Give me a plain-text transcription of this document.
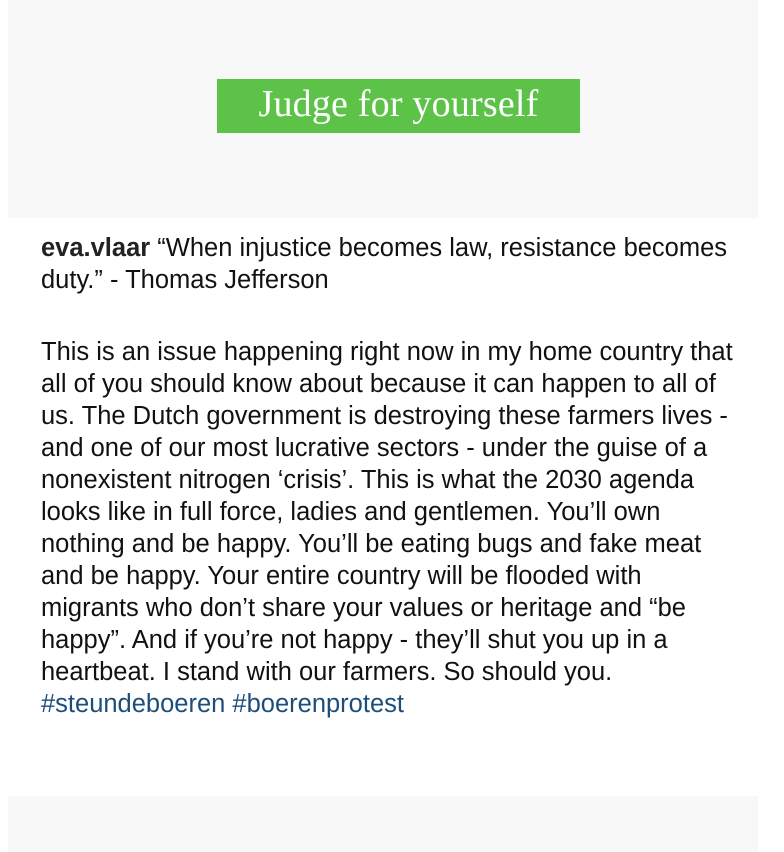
Judge for yourself

eva.vlaar “When injustice becomes law, resistance becomes duty.” - Thomas Jefferson

This is an issue happening right now in my home country that all of you should know about because it can happen to all of us. The Dutch government is destroying these farmers lives - and one of our most lucrative sectors - under the guise of a nonexistent nitrogen ‘crisis’. This is what the 2030 agenda looks like in full force, ladies and gentlemen. You’ll own nothing and be happy. You’ll be eating bugs and fake meat and be happy. Your entire country will be flooded with migrants who don’t share your values or heritage and “be happy”. And if you’re not happy - they’ll shut you up in a heartbeat. I stand with our farmers. So should you. #steundeboeren #boerenprotest
